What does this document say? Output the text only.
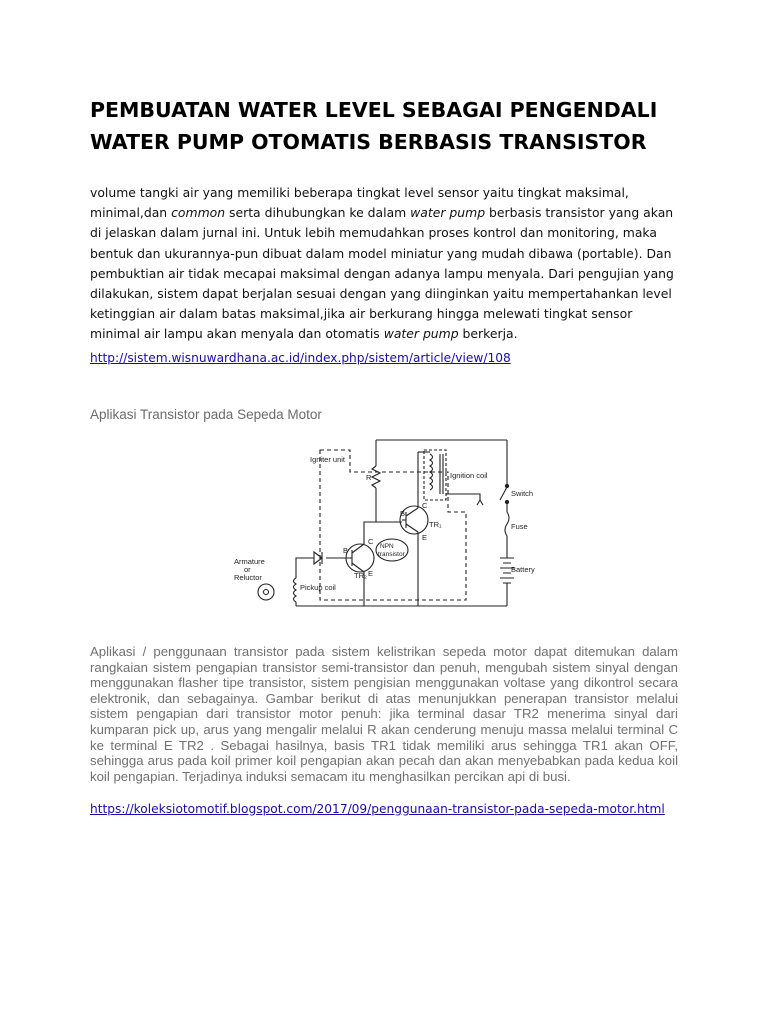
PEMBUATAN WATER LEVEL SEBAGAI PENGENDALI WATER PUMP OTOMATIS BERBASIS TRANSISTOR
volume tangki air yang memiliki beberapa tingkat level sensor yaitu tingkat maksimal, minimal,dan common serta dihubungkan ke dalam water pump berbasis transistor yang akan di jelaskan dalam jurnal ini. Untuk lebih memudahkan proses kontrol dan monitoring, maka bentuk dan ukurannya-pun dibuat dalam model miniatur yang mudah dibawa (portable). Dan pembuktian air tidak mecapai maksimal dengan adanya lampu menyala. Dari pengujian yang dilakukan, sistem dapat berjalan sesuai dengan yang diinginkan yaitu mempertahankan level ketinggian air dalam batas maksimal,jika air berkurang hingga melewati tingkat sensor minimal air lampu akan menyala dan otomatis water pump berkerja.
http://sistem.wisnuwardhana.ac.id/index.php/sistem/article/view/108
Aplikasi Transistor pada Sepeda Motor
Igniter unit
Ignition coil
Switch
Fuse
Battery
R
B
C
E
TR₁
B
C
E
TR₂
NPN
transistor
Armature
or
Reluctor
Pickup coil
Aplikasi / penggunaan transistor pada sistem kelistrikan sepeda motor dapat ditemukan dalam rangkaian sistem pengapian transistor semi-transistor dan penuh, mengubah sistem sinyal dengan menggunakan flasher tipe transistor, sistem pengisian menggunakan voltase yang dikontrol secara elektronik, dan sebagainya. Gambar berikut di atas menunjukkan penerapan transistor melalui sistem pengapian dari transistor motor penuh: jika terminal dasar TR2 menerima sinyal dari kumparan pick up, arus yang mengalir melalui R akan cenderung menuju massa melalui terminal C ke terminal E TR2 . Sebagai hasilnya, basis TR1 tidak memiliki arus sehingga TR1 akan OFF, sehingga arus pada koil primer koil pengapian akan pecah dan akan menyebabkan pada kedua koil koil pengapian. Terjadinya induksi semacam itu menghasilkan percikan api di busi.
https://koleksiotomotif.blogspot.com/2017/09/penggunaan-transistor-pada-sepeda-motor.html
